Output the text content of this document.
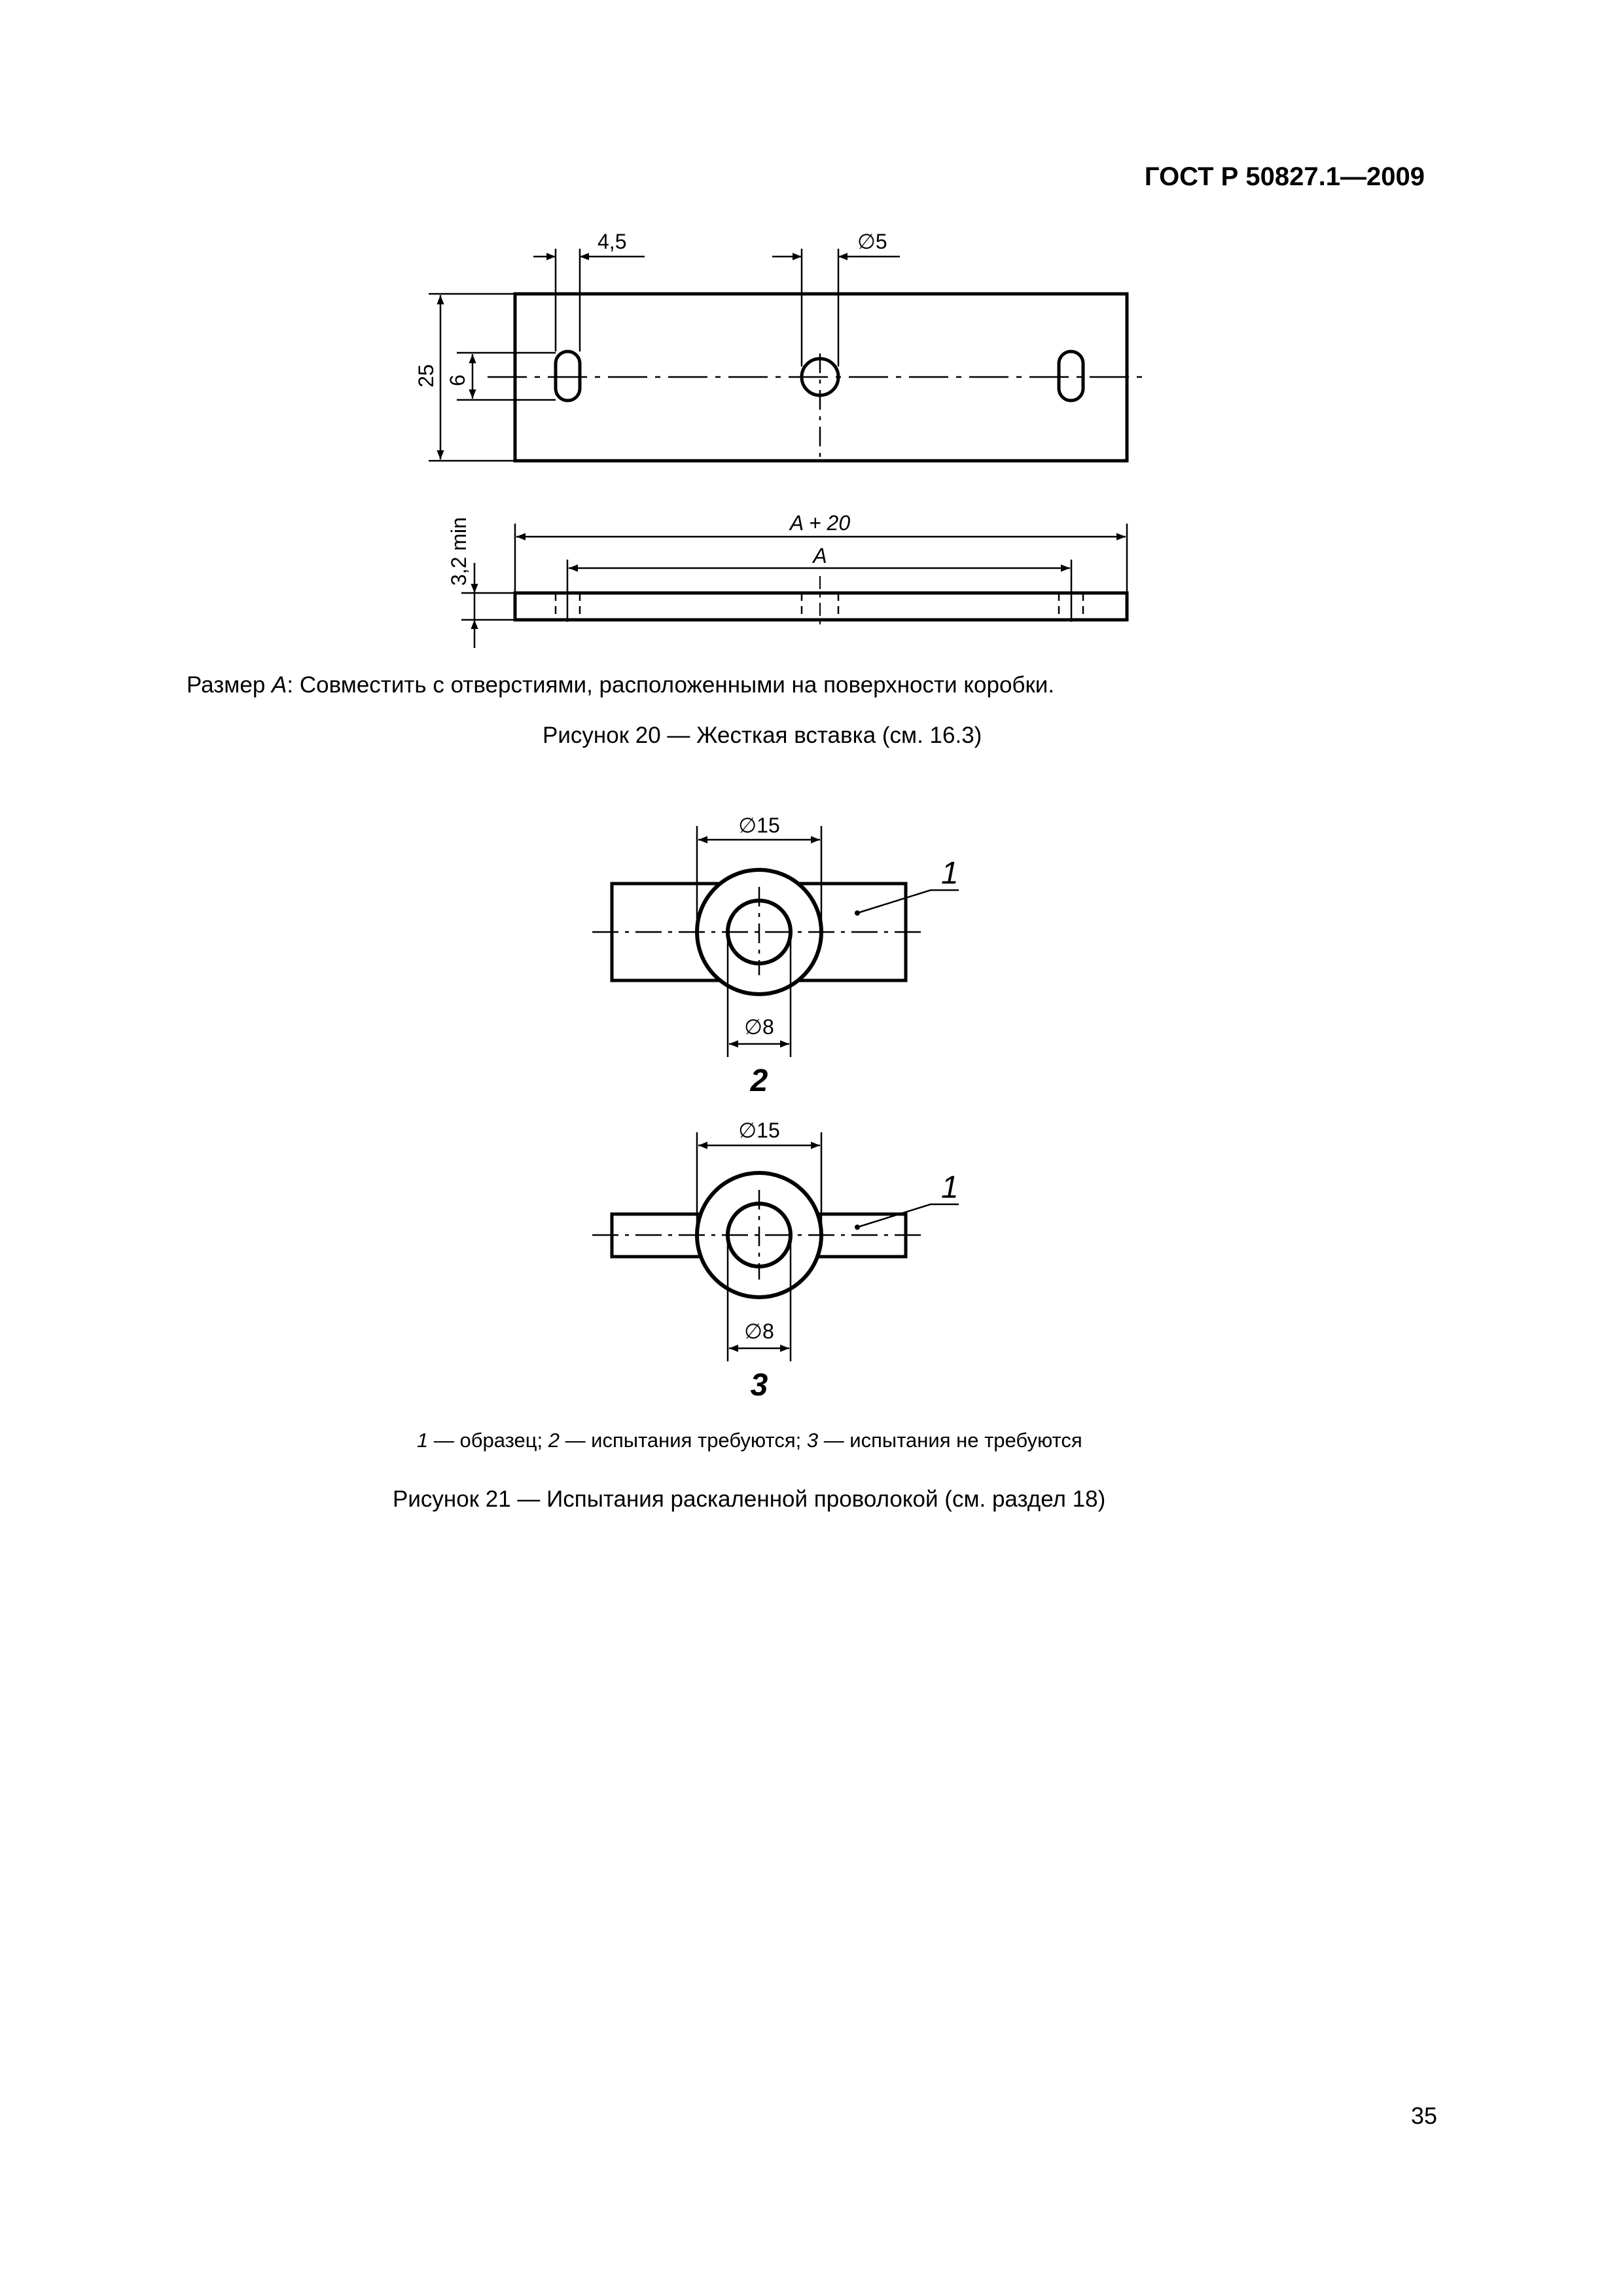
ГОСТ Р 50827.1—2009
4,5	∅5
25 6
A + 20
A
3,2 min
∅15
∅8
1
2
∅15
∅8
1
3
Размер A: Совместить с отверстиями, расположенными на поверхности коробки.
Рисунок 20 — Жесткая вставка (см. 16.3)
1 — образец; 2 — испытания требуются; 3 — испытания не требуются
Рисунок 21 — Испытания раскаленной проволокой (см. раздел 18)
35
